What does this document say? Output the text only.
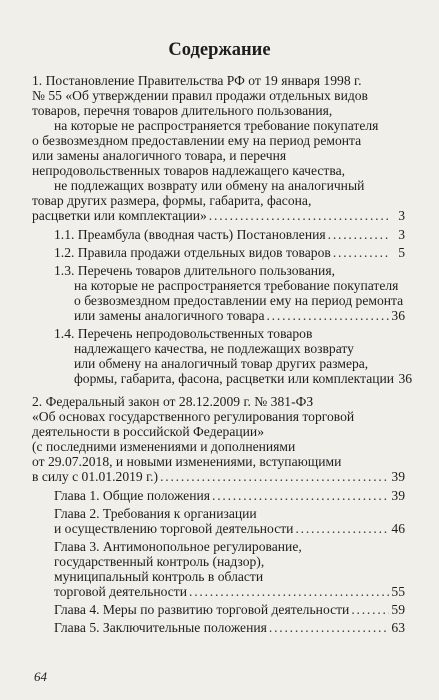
Содержание
1. Постановление Правительства РФ от 19 января 1998 г.
№ 55 «Об утверждении правил продажи отдельных видов
товаров, перечня товаров длительного пользования,
на которые не распространяется требование покупателя
о безвозмездном предоставлении ему на период ремонта
или замены аналогичного товара, и перечня
непродовольственных товаров надлежащего качества,
не подлежащих возврату или обмену на аналогичный
товар других размера, формы, габарита, фасона,
расцветки или комплектации» .....	3
1.1. Преамбула (вводная часть) Постановления .....	3
1.2. Правила продажи отдельных видов товаров .....	5
1.3. Перечень товаров длительного пользования,
на которые не распространяется требование покупателя
о безвозмездном предоставлении ему на период ремонта
или замены аналогичного товара .....	36
1.4. Перечень непродовольственных товаров
надлежащего качества, не подлежащих возврату
или обмену на аналогичный товар других размера,
формы, габарита, фасона, расцветки или комплектации 36
2. Федеральный закон от 28.12.2009 г. № 381-ФЗ
«Об основах государственного регулирования торговой
деятельности в российской Федерации»
(с последними изменениями и дополнениями
от 29.07.2018, и новыми изменениями, вступающими
в силу с 01.01.2019 г.) .....	39
Глава 1. Общие положения .....	39
Глава 2. Требования к организации
и осуществлению торговой деятельности .....	46
Глава 3. Антимонопольное регулирование,
государственный контроль (надзор),
муниципальный контроль в области
торговой деятельности .....	55
Глава 4. Меры по развитию торговой деятельности .....	59
Глава 5. Заключительные положения .....	63
64
